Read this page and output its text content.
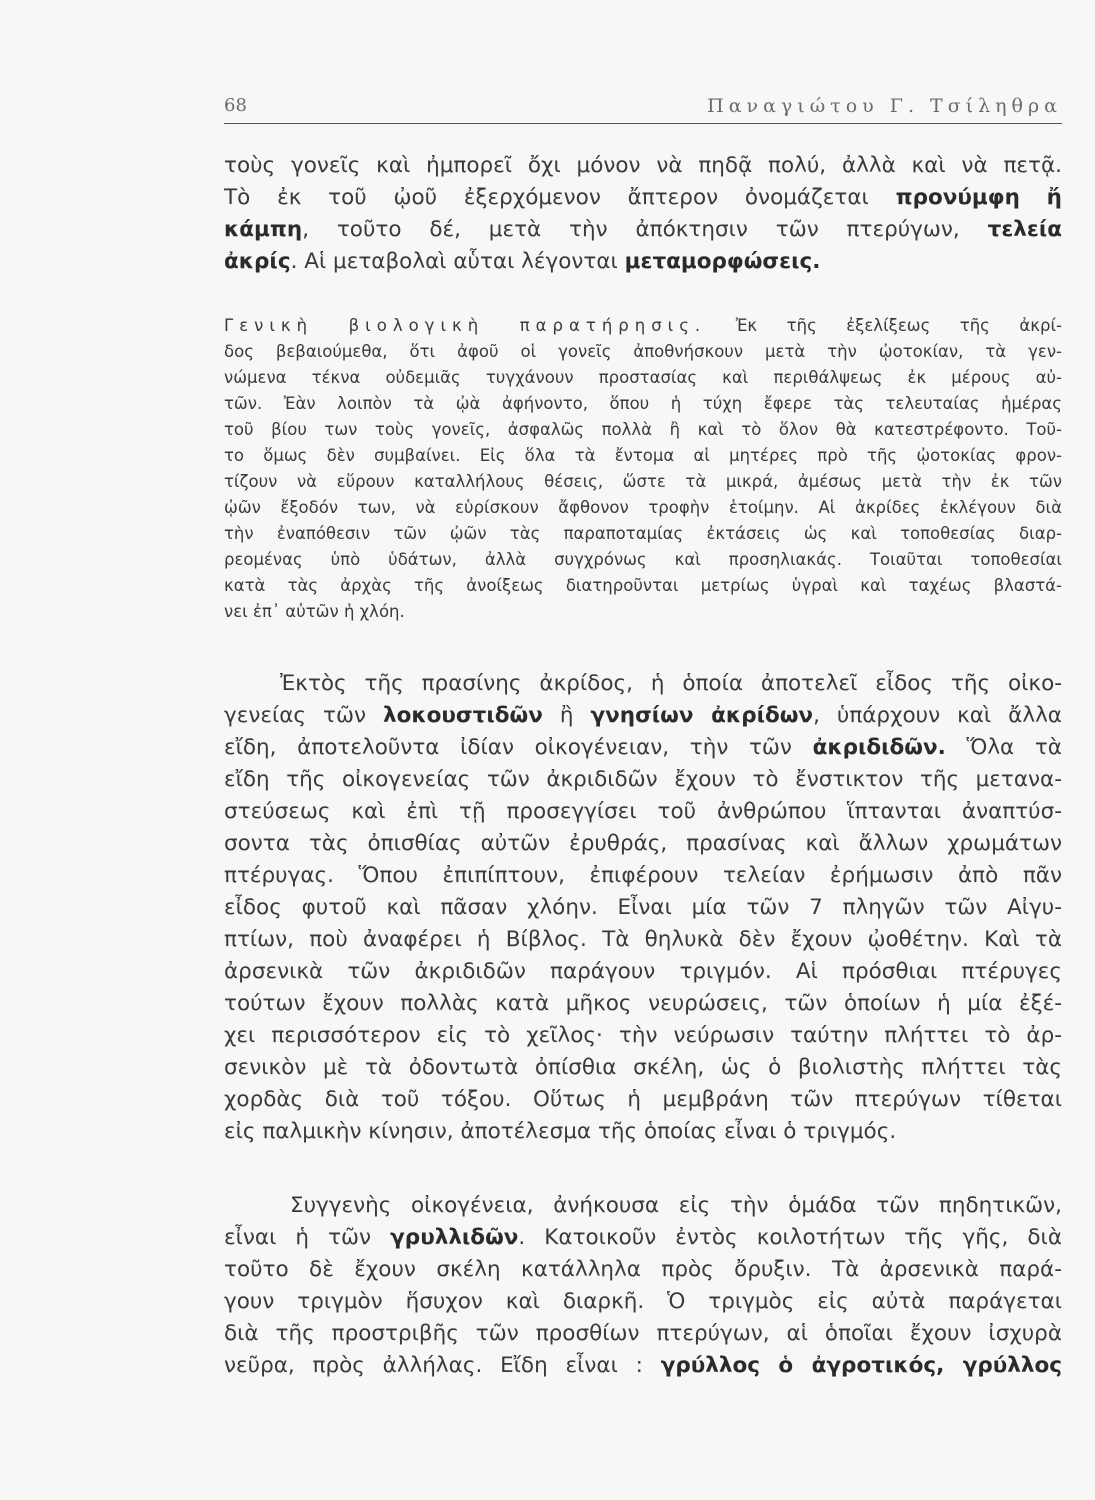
68	Παναγιώτου Γ. Τσίληθρα
τοὺς γονεῖς καὶ ἠμπορεῖ ὄχι μόνον νὰ πηδᾷ πολύ, ἀλλὰ καὶ νὰ πετᾷ.
Τὸ ἐκ τοῦ ᾠοῦ ἐξερχόμενον ἄπτερον ὀνομάζεται προνύμφη ἤ
κάμπη, τοῦτο δέ, μετὰ τὴν ἀπόκτησιν τῶν πτερύγων, τελεία
ἀκρίς. Αἱ μεταβολαὶ αὗται λέγονται μεταμορφώσεις.
Γενικὴ βιολογικὴ παρατήρησις. Ἐκ τῆς ἐξελίξεως τῆς ἀκρί-
δος βεβαιούμεθα, ὅτι ἀφοῦ οἱ γονεῖς ἀποθνήσκουν μετὰ τὴν ᾠοτοκίαν, τὰ γεν-
νώμενα τέκνα οὐδεμιᾶς τυγχάνουν προστασίας καὶ περιθάλψεως ἐκ μέρους αὐ-
τῶν. Ἐὰν λοιπὸν τὰ ᾠὰ ἀφήνοντο, ὅπου ἡ τύχη ἔφερε τὰς τελευταίας ἡμέρας
τοῦ βίου των τοὺς γονεῖς, ἀσφαλῶς πολλὰ ἢ καὶ τὸ ὅλον θὰ κατεστρέφοντο. Τοῦ-
το ὅμως δὲν συμβαίνει. Εἰς ὅλα τὰ ἔντομα αἱ μητέρες πρὸ τῆς ᾠοτοκίας φρον-
τίζουν νὰ εὕρουν καταλλήλους θέσεις, ὥστε τὰ μικρά, ἀμέσως μετὰ τὴν ἐκ τῶν
ᾠῶν ἔξοδόν των, νὰ εὑρίσκουν ἄφθονον τροφὴν ἑτοίμην. Αἱ ἀκρίδες ἐκλέγουν διὰ
τὴν ἐναπόθεσιν τῶν ᾠῶν τὰς παραποταμίας ἐκτάσεις ὡς καὶ τοποθεσίας διαρ-
ρεομένας ὑπὸ ὑδάτων, ἀλλὰ συγχρόνως καὶ προσηλιακάς. Τοιαῦται τοποθεσίαι
κατὰ τὰς ἀρχὰς τῆς ἀνοίξεως διατηροῦνται μετρίως ὑγραὶ καὶ ταχέως βλαστά-
νει ἐπ᾽ αὐτῶν ἡ χλόη.
Ἐκτὸς τῆς πρασίνης ἀκρίδος, ἡ ὁποία ἀποτελεῖ εἶδος τῆς οἰκο-
γενείας τῶν λοκουστιδῶν ἢ γνησίων ἀκρίδων, ὑπάρχουν καὶ ἄλλα
εἴδη, ἀποτελοῦντα ἰδίαν οἰκογένειαν, τὴν τῶν ἀκριδιδῶν. Ὅλα τὰ
εἴδη τῆς οἰκογενείας τῶν ἀκριδιδῶν ἔχουν τὸ ἔνστικτον τῆς μετανα-
στεύσεως καὶ ἐπὶ τῇ προσεγγίσει τοῦ ἀνθρώπου ἵπτανται ἀναπτύσ-
σοντα τὰς ὀπισθίας αὐτῶν ἐρυθράς, πρασίνας καὶ ἄλλων χρωμάτων
πτέρυγας. Ὅπου ἐπιπίπτουν, ἐπιφέρουν τελείαν ἐρήμωσιν ἀπὸ πᾶν
εἶδος φυτοῦ καὶ πᾶσαν χλόην. Εἶναι μία τῶν 7 πληγῶν τῶν Αἰγυ-
πτίων, ποὺ ἀναφέρει ἡ Βίβλος. Τὰ θηλυκὰ δὲν ἔχουν ᾠοθέτην. Καὶ τὰ
ἀρσενικὰ τῶν ἀκριδιδῶν παράγουν τριγμόν. Αἱ πρόσθιαι πτέρυγες
τούτων ἔχουν πολλὰς κατὰ μῆκος νευρώσεις, τῶν ὁποίων ἡ μία ἐξέ-
χει περισσότερον εἰς τὸ χεῖλος· τὴν νεύρωσιν ταύτην πλήττει τὸ ἀρ-
σενικὸν μὲ τὰ ὀδοντωτὰ ὀπίσθια σκέλη, ὡς ὁ βιολιστὴς πλήττει τὰς
χορδὰς διὰ τοῦ τόξου. Οὕτως ἡ μεμβράνη τῶν πτερύγων τίθεται
εἰς παλμικὴν κίνησιν, ἀποτέλεσμα τῆς ὁποίας εἶναι ὁ τριγμός.
Συγγενὴς οἰκογένεια, ἀνήκουσα εἰς τὴν ὁμάδα τῶν πηδητικῶν,
εἶναι ἡ τῶν γρυλλιδῶν. Κατοικοῦν ἐντὸς κοιλοτήτων τῆς γῆς, διὰ
τοῦτο δὲ ἔχουν σκέλη κατάλληλα πρὸς ὄρυξιν. Τὰ ἀρσενικὰ παρά-
γουν τριγμὸν ἥσυχον καὶ διαρκῆ. Ὁ τριγμὸς εἰς αὐτὰ παράγεται
διὰ τῆς προστριβῆς τῶν προσθίων πτερύγων, αἱ ὁποῖαι ἔχουν ἰσχυρὰ
νεῦρα, πρὸς ἀλλήλας. Εἴδη εἶναι : γρύλλος ὁ ἀγροτικός, γρύλλος
